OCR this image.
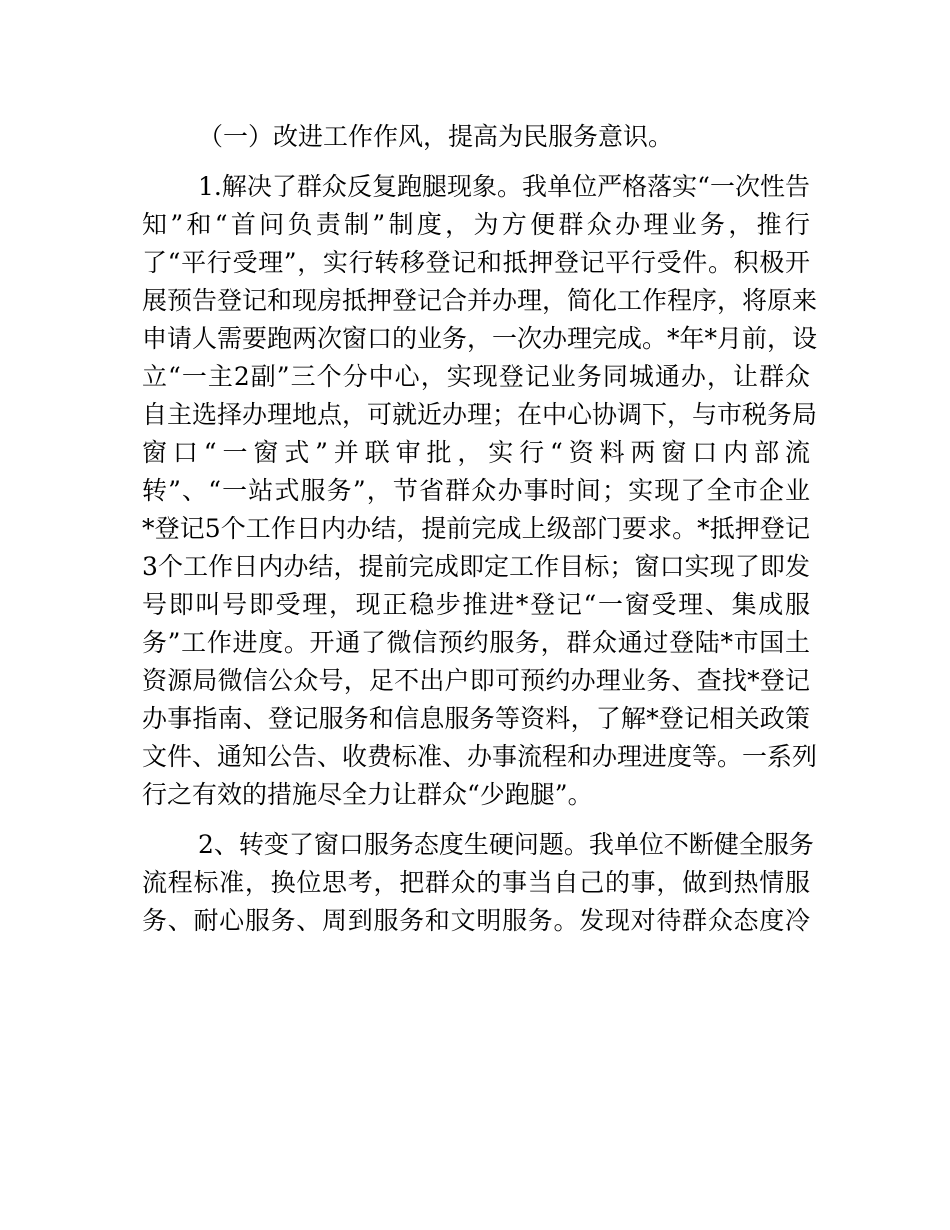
（一）改进工作作风，提高为民服务意识。
1.解决了群众反复跑腿现象。我单位严格落实“一次性告
知”和“首问负责制”制度，为方便群众办理业务，推行
了“平行受理”，实行转移登记和抵押登记平行受件。积极开
展预告登记和现房抵押登记合并办理，简化工作程序，将原来
申请人需要跑两次窗口的业务，一次办理完成。*年*月前，设
立“一主2副”三个分中心，实现登记业务同城通办，让群众
自主选择办理地点，可就近办理；在中心协调下，与市税务局
窗口“一窗式”并联审批，实行“资料两窗口内部流
转”、“一站式服务”，节省群众办事时间；实现了全市企业
*登记5个工作日内办结，提前完成上级部门要求。*抵押登记
3个工作日内办结，提前完成即定工作目标；窗口实现了即发
号即叫号即受理，现正稳步推进*登记“一窗受理、集成服
务”工作进度。开通了微信预约服务，群众通过登陆*市国土
资源局微信公众号，足不出户即可预约办理业务、查找*登记
办事指南、登记服务和信息服务等资料，了解*登记相关政策
文件、通知公告、收费标准、办事流程和办理进度等。一系列
行之有效的措施尽全力让群众“少跑腿”。
2、转变了窗口服务态度生硬问题。我单位不断健全服务
流程标准，换位思考，把群众的事当自己的事，做到热情服
务、耐心服务、周到服务和文明服务。发现对待群众态度冷
